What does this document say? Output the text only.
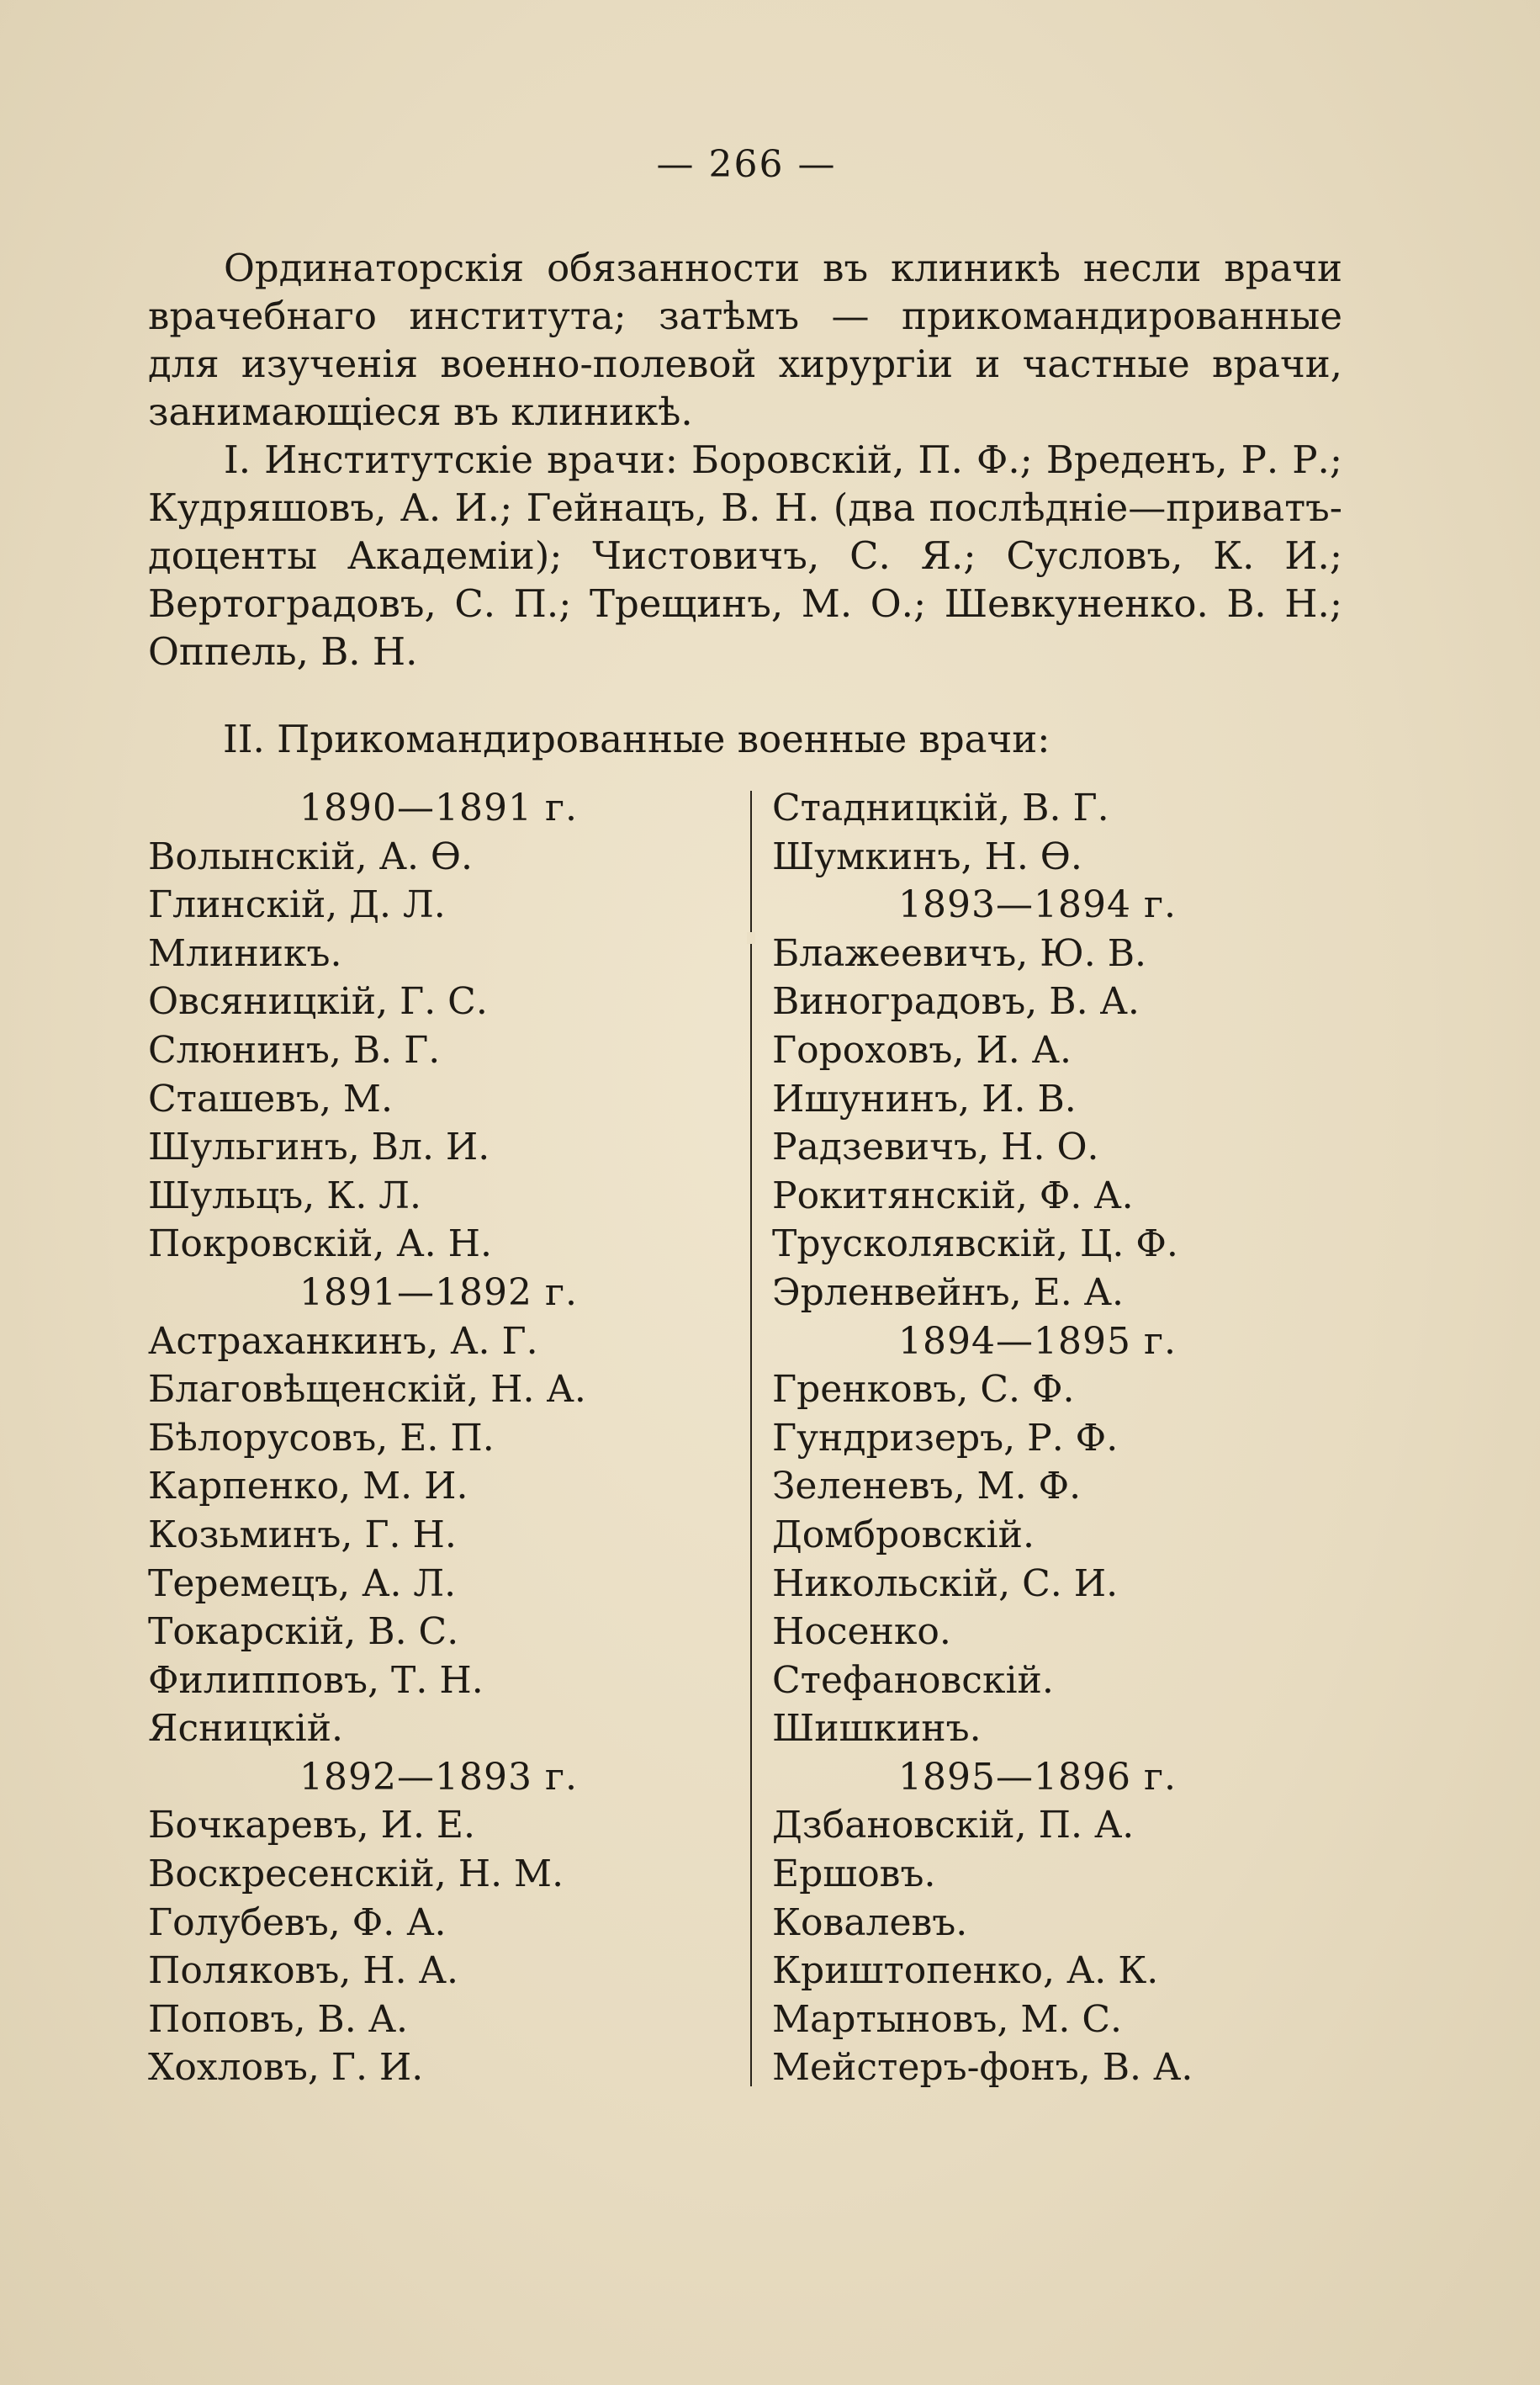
— 266 —

Ординаторскія обязанности въ клиникѣ несли врачи врачебнаго института; затѣмъ — прикомандированные для изученія военно-полевой хирургіи и частные врачи, занимающіеся въ клиникѣ.

I. Институтскіе врачи: Боровскій, П. Ф.; Вреденъ, Р. Р.; Кудряшовъ, А. И.; Гейнацъ, В. Н. (два послѣдніе—приватъ-доценты Академіи); Чистовичъ, С. Я.; Сусловъ, К. И.; Вертоградовъ, С. П.; Трещинъ, М. О.; Шевкуненко. В. Н.; Оппель, В. Н.

II. Прикомандированные военные врачи:
1890—1891 г.
Волынскій, А. Ѳ.
Глинскій, Д. Л.
Млиникъ.
Овсяницкій, Г. С.
Слюнинъ, В. Г.
Сташевъ, М.
Шульгинъ, Вл. И.
Шульцъ, К. Л.
Покровскій, А. Н.
1891—1892 г.
Астраханкинъ, А. Г.
Благовѣщенскій, Н. А.
Бѣлорусовъ, Е. П.
Карпенко, М. И.
Козьминъ, Г. Н.
Теремецъ, А. Л.
Токарскій, В. С.
Филипповъ, Т. Н.
Ясницкій.
1892—1893 г.
Бочкаревъ, И. Е.
Воскресенскій, Н. М.
Голубевъ, Ф. А.
Поляковъ, Н. А.
Поповъ, В. А.
Хохловъ, Г. И.
Стадницкій, В. Г.
Шумкинъ, Н. Ѳ.
1893—1894 г.
Блажеевичъ, Ю. В.
Виноградовъ, В. А.
Гороховъ, И. А.
Ишунинъ, И. В.
Радзевичъ, Н. О.
Рокитянскій, Ф. А.
Трусколявскій, Ц. Ф.
Эрленвейнъ, Е. А.
1894—1895 г.
Гренковъ, С. Ф.
Гундризеръ, Р. Ф.
Зеленевъ, М. Ф.
Домбровскій.
Никольскій, С. И.
Носенко.
Стефановскій.
Шишкинъ.
1895—1896 г.
Дзбановскій, П. А.
Ершовъ.
Ковалевъ.
Криштопенко, А. К.
Мартыновъ, М. С.
Мейстеръ-фонъ, В. А.
